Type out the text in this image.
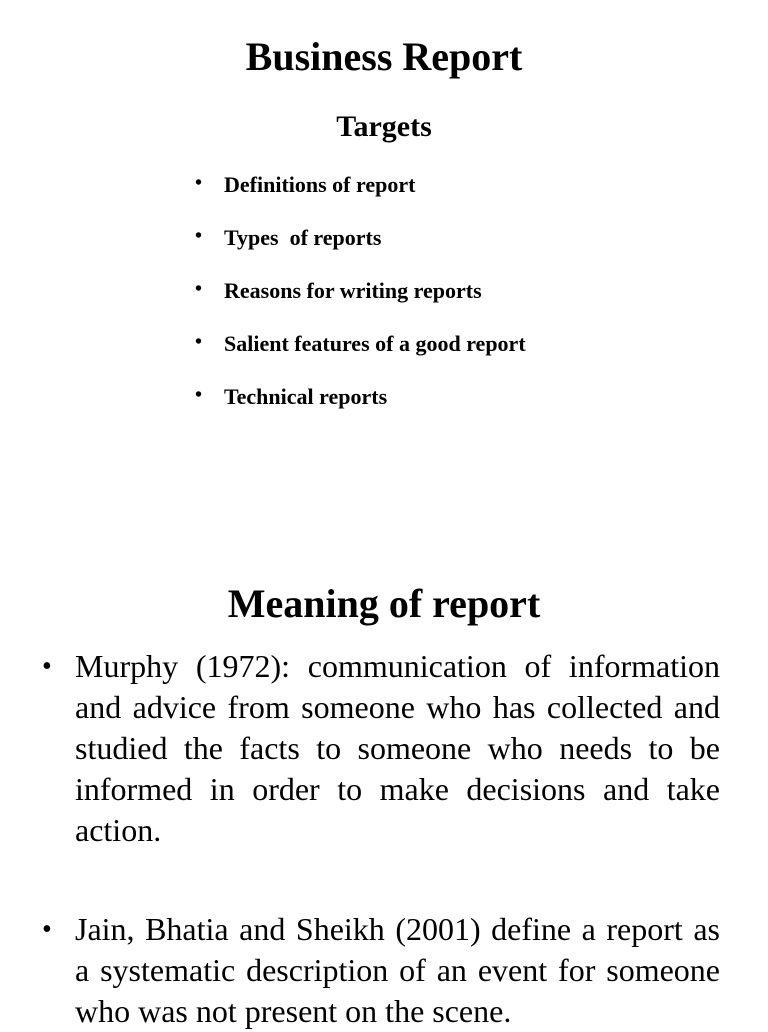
Business Report
Targets
• Definitions of report
• Types  of reports
• Reasons for writing reports
• Salient features of a good report
• Technical reports
Meaning of report
• Murphy (1972): communication of information and advice from someone who has collected and studied the facts to someone who needs to be informed in order to make decisions and take action.
• Jain, Bhatia and Sheikh (2001) define a report as a systematic description of an event for someone who was not present on the scene.
